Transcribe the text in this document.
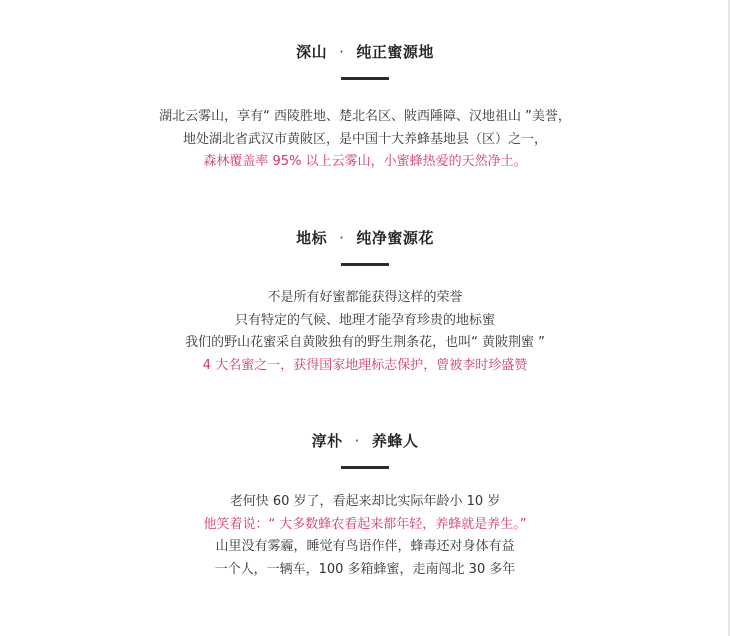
深山 · 纯正蜜源地
湖北云雾山，享有“ 西陵胜地、楚北名区、陂西陲障、汉地祖山 ”美誉，
地处湖北省武汉市黄陂区，是中国十大养蜂基地县（区）之一，
森林覆盖率 95% 以上云雾山，小蜜蜂热爱的天然净土。
地标 · 纯净蜜源花
不是所有好蜜都能获得这样的荣誉
只有特定的气候、地理才能孕育珍贵的地标蜜
我们的野山花蜜采自黄陂独有的野生荆条花，也叫“ 黄陂荆蜜 ”
4 大名蜜之一，获得国家地理标志保护，曾被李时珍盛赞
淳朴 · 养蜂人
老何快 60 岁了，看起来却比实际年龄小 10 岁
他笑着说：“ 大多数蜂农看起来都年轻，养蜂就是养生。”
山里没有雾霾，睡觉有鸟语作伴，蜂毒还对身体有益
一个人，一辆车，100 多箱蜂蜜，走南闯北 30 多年
